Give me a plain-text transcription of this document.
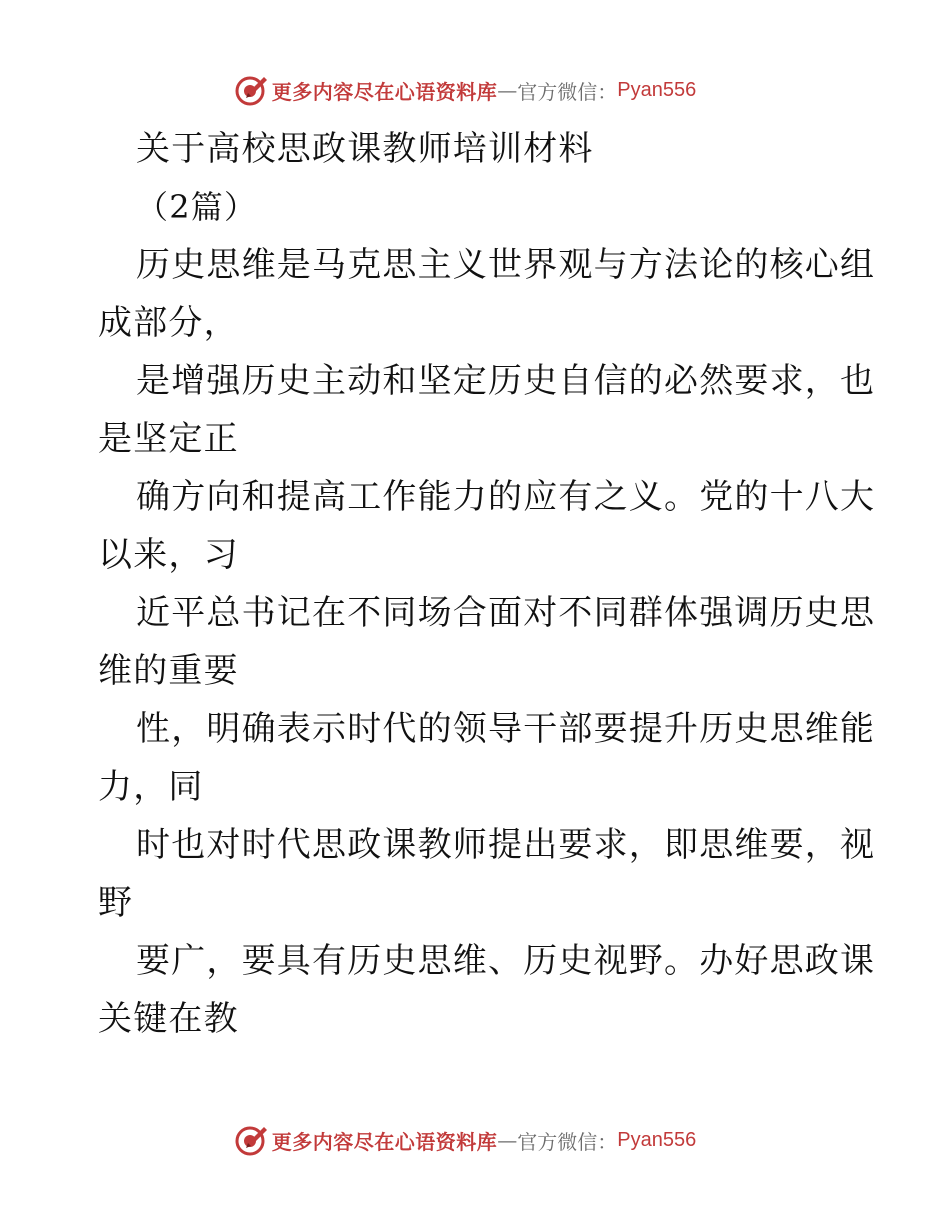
更多内容尽在心语资料库 — 官方微信： Pyan556
关于高校思政课教师培训材料
（2篇）
历史思维是马克思主义世界观与方法论的核心组
成部分，
是增强历史主动和坚定历史自信的必然要求，也
是坚定正
确方向和提高工作能力的应有之义。党的十八大
以来，习
近平总书记在不同场合面对不同群体强调历史思
维的重要
性，明确表示时代的领导干部要提升历史思维能
力，同
时也对时代思政课教师提出要求，即思维要，视
野
要广，要具有历史思维、历史视野。办好思政课
关键在教
更多内容尽在心语资料库 — 官方微信： Pyan556
